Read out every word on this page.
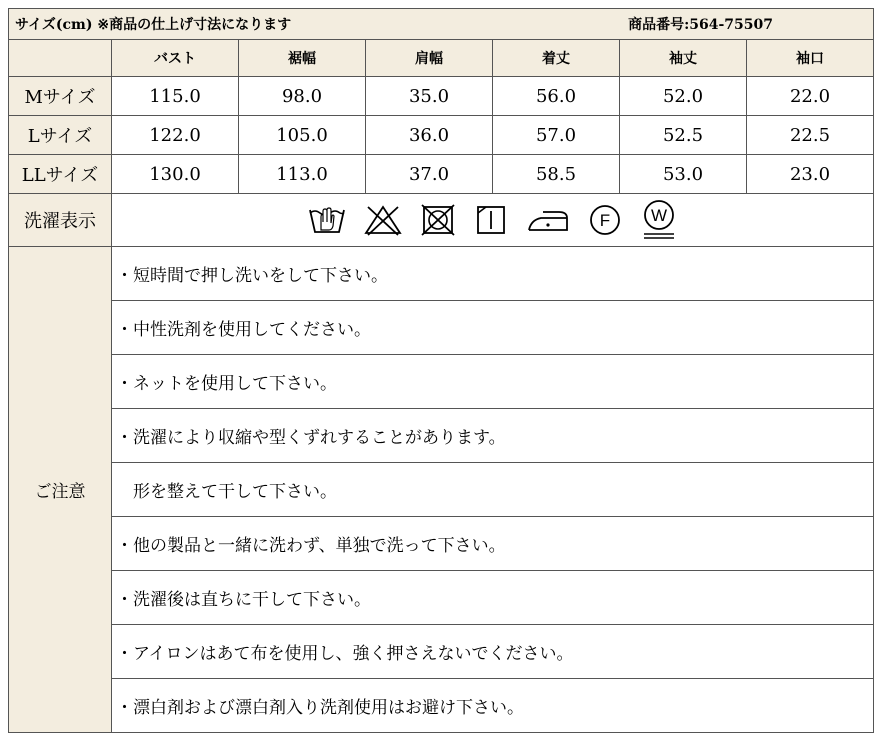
サイズ(cm) ※商品の仕上げ寸法になります 商品番号:564-75507						

	バスト	裾幅	肩幅	着丈	袖丈	袖口
Mサイズ	115.0	98.0	35.0	56.0	52.0	22.0
Lサイズ	122.0	105.0	36.0	57.0	52.5	22.5
LLサイズ	130.0	113.0	37.0	58.5	53.0	23.0
洗濯表示	F W					

ご注意	・短時間で押し洗いをして下さい。					
	・中性洗剤を使用してください。					
	・ネットを使用して下さい。					
	・洗濯により収縮や型くずれすることがあります。					
	　形を整えて干して下さい。					
	・他の製品と一緒に洗わず、単独で洗って下さい。					
	・洗濯後は直ちに干して下さい。					
	・アイロンはあて布を使用し、強く押さえないでください。					
	・漂白剤および漂白剤入り洗剤使用はお避け下さい。					
